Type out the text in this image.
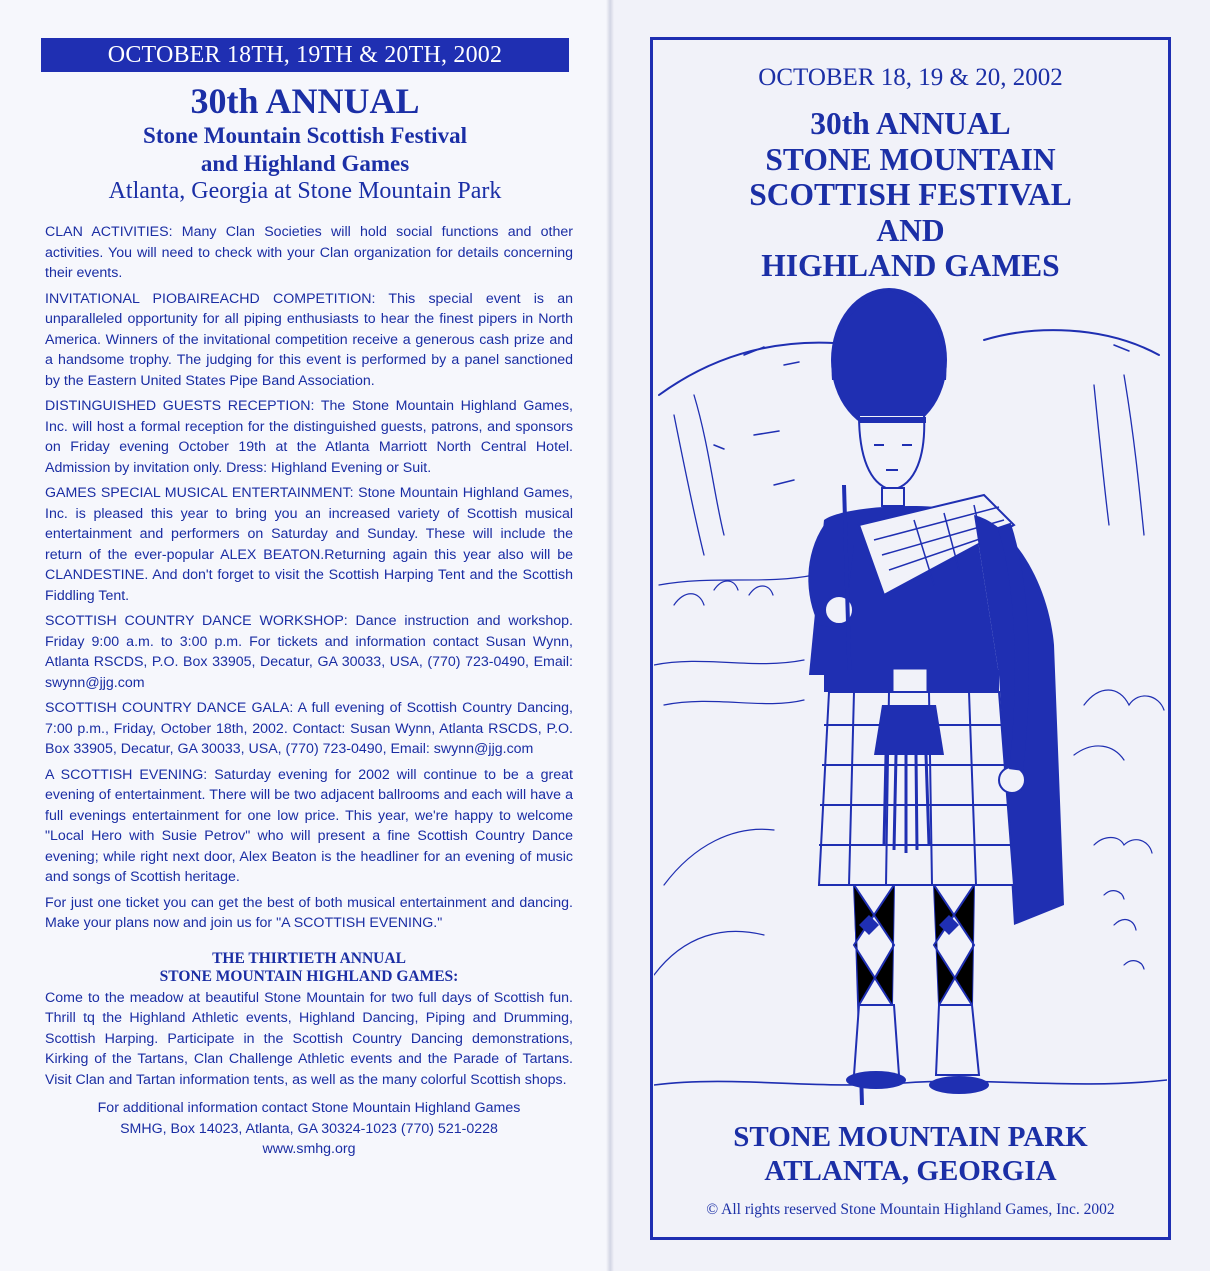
OCTOBER 18TH, 19TH & 20TH, 2002
30th ANNUAL
Stone Mountain Scottish Festival
and Highland Games
Atlanta, Georgia at Stone Mountain Park

CLAN ACTIVITIES: Many Clan Societies will hold social functions and other activities. You will need to check with your Clan organization for details concerning their events.

INVITATIONAL PIOBAIREACHD COMPETITION: This special event is an unparalleled opportunity for all piping enthusiasts to hear the finest pipers in North America. Winners of the invitational competition receive a generous cash prize and a handsome trophy. The judging for this event is performed by a panel sanctioned by the Eastern United States Pipe Band Association.

DISTINGUISHED GUESTS RECEPTION: The Stone Mountain Highland Games, Inc. will host a formal reception for the distinguished guests, patrons, and sponsors on Friday evening October 19th at the Atlanta Marriott North Central Hotel. Admission by invitation only. Dress: Highland Evening or Suit.

GAMES SPECIAL MUSICAL ENTERTAINMENT: Stone Mountain Highland Games, Inc. is pleased this year to bring you an increased variety of Scottish musical entertainment and performers on Saturday and Sunday. These will include the return of the ever-popular ALEX BEATON.Returning again this year also will be CLANDESTINE. And don't forget to visit the Scottish Harping Tent and the Scottish Fiddling Tent.

SCOTTISH COUNTRY DANCE WORKSHOP: Dance instruction and workshop. Friday 9:00 a.m. to 3:00 p.m. For tickets and information contact Susan Wynn, Atlanta RSCDS, P.O. Box 33905, Decatur, GA 30033, USA, (770) 723-0490, Email: swynn@jjg.com

SCOTTISH COUNTRY DANCE GALA: A full evening of Scottish Country Dancing, 7:00 p.m., Friday, October 18th, 2002. Contact: Susan Wynn, Atlanta RSCDS, P.O. Box 33905, Decatur, GA 30033, USA, (770) 723-0490, Email: swynn@jjg.com

A SCOTTISH EVENING: Saturday evening for 2002 will continue to be a great evening of entertainment. There will be two adjacent ballrooms and each will have a full evenings entertainment for one low price. This year, we're happy to welcome "Local Hero with Susie Petrov" who will present a fine Scottish Country Dance evening; while right next door, Alex Beaton is the headliner for an evening of music and songs of Scottish heritage.

For just one ticket you can get the best of both musical entertainment and dancing. Make your plans now and join us for "A SCOTTISH EVENING."

THE THIRTIETH ANNUAL
STONE MOUNTAIN HIGHLAND GAMES:

Come to the meadow at beautiful Stone Mountain for two full days of Scottish fun. Thrill tq the Highland Athletic events, Highland Dancing, Piping and Drumming, Scottish Harping. Participate in the Scottish Country Dancing demonstrations, Kirking of the Tartans, Clan Challenge Athletic events and the Parade of Tartans. Visit Clan and Tartan information tents, as well as the many colorful Scottish shops.

For additional information contact Stone Mountain Highland Games
SMHG, Box 14023, Atlanta, GA 30324-1023 (770) 521-0228
www.smhg.org
OCTOBER 18, 19 & 20, 2002
30th ANNUAL
STONE MOUNTAIN
SCOTTISH FESTIVAL
AND
HIGHLAND GAMES
STONE MOUNTAIN PARK
ATLANTA, GEORGIA
© All rights reserved Stone Mountain Highland Games, Inc. 2002
